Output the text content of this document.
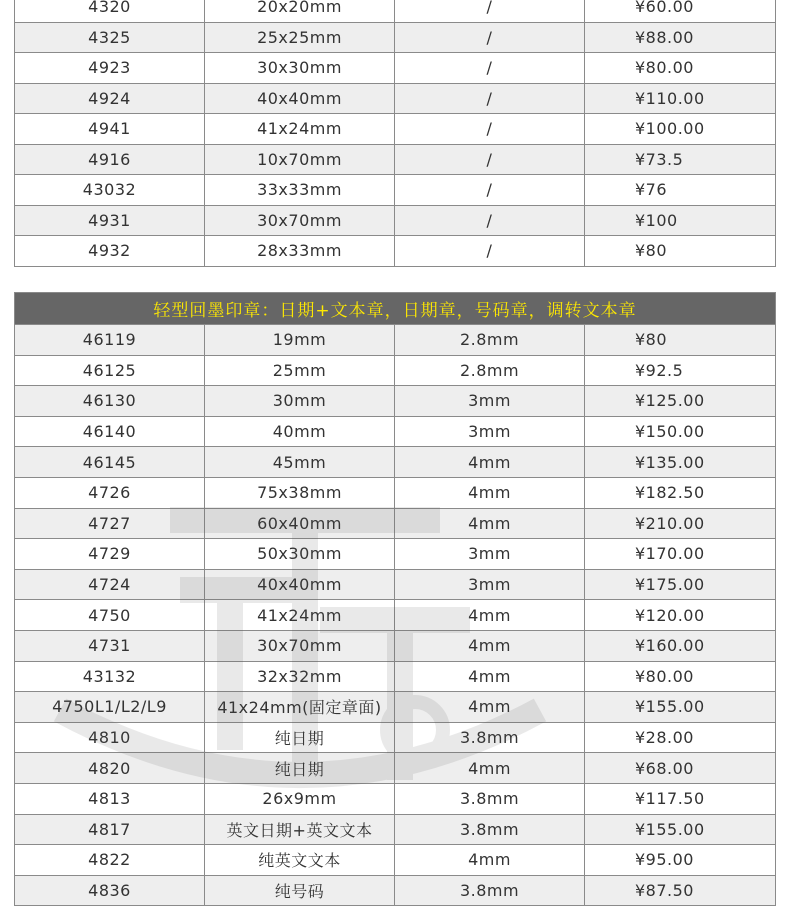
4320	20x20mm	/	¥60.00
4325	25x25mm	/	¥88.00
4923	30x30mm	/	¥80.00
4924	40x40mm	/	¥110.00
4941	41x24mm	/	¥100.00
4916	10x70mm	/	¥73.5
43032	33x33mm	/	¥76
4931	30x70mm	/	¥100
4932	28x33mm	/	¥80
轻型回墨印章：日期+文本章，日期章，号码章，调转文本章			
46119	19mm	2.8mm	¥80
46125	25mm	2.8mm	¥92.5
46130	30mm	3mm	¥125.00
46140	40mm	3mm	¥150.00
46145	45mm	4mm	¥135.00
4726	75x38mm	4mm	¥182.50
4727	60x40mm	4mm	¥210.00
4729	50x30mm	3mm	¥170.00
4724	40x40mm	3mm	¥175.00
4750	41x24mm	4mm	¥120.00
4731	30x70mm	4mm	¥160.00
43132	32x32mm	4mm	¥80.00
4750L1/L2/L9	41x24mm(固定章面)	4mm	¥155.00
4810	纯日期	3.8mm	¥28.00
4820	纯日期	4mm	¥68.00
4813	26x9mm	3.8mm	¥117.50
4817	英文日期+英文文本	3.8mm	¥155.00
4822	纯英文文本	4mm	¥95.00
4836	纯号码	3.8mm	¥87.50
